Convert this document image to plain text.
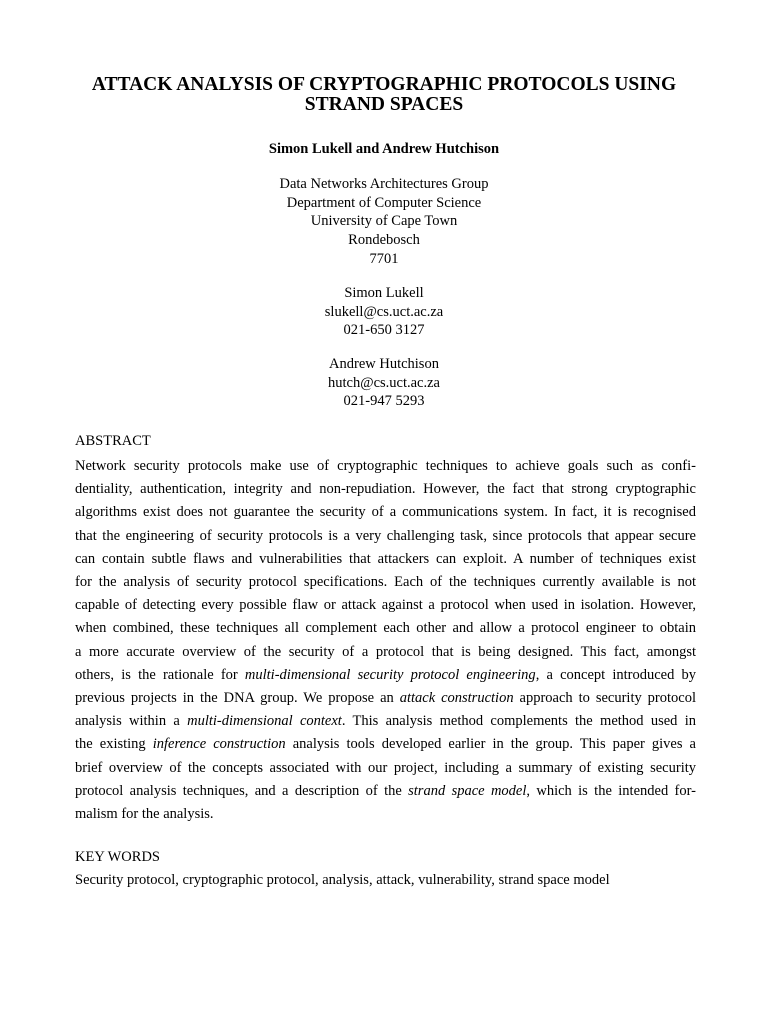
ATTACK ANALYSIS OF CRYPTOGRAPHIC PROTOCOLS USING
STRAND SPACES
Simon Lukell and Andrew Hutchison
Data Networks Architectures Group
Department of Computer Science
University of Cape Town
Rondebosch
7701
Simon Lukell
slukell@cs.uct.ac.za
021-650 3127
Andrew Hutchison
hutch@cs.uct.ac.za
021-947 5293
ABSTRACT
Network security protocols make use of cryptographic techniques to achieve goals such as confi-
dentiality, authentication, integrity and non-repudiation. However, the fact that strong cryptographic
algorithms exist does not guarantee the security of a communications system. In fact, it is recognised
that the engineering of security protocols is a very challenging task, since protocols that appear secure
can contain subtle flaws and vulnerabilities that attackers can exploit. A number of techniques exist
for the analysis of security protocol specifications. Each of the techniques currently available is not
capable of detecting every possible flaw or attack against a protocol when used in isolation. However,
when combined, these techniques all complement each other and allow a protocol engineer to obtain
a more accurate overview of the security of a protocol that is being designed. This fact, amongst
others, is the rationale for multi-dimensional security protocol engineering, a concept introduced by
previous projects in the DNA group. We propose an attack construction approach to security protocol
analysis within a multi-dimensional context. This analysis method complements the method used in
the existing inference construction analysis tools developed earlier in the group. This paper gives a
brief overview of the concepts associated with our project, including a summary of existing security
protocol analysis techniques, and a description of the strand space model, which is the intended for-
malism for the analysis.
KEY WORDS
Security protocol, cryptographic protocol, analysis, attack, vulnerability, strand space model
